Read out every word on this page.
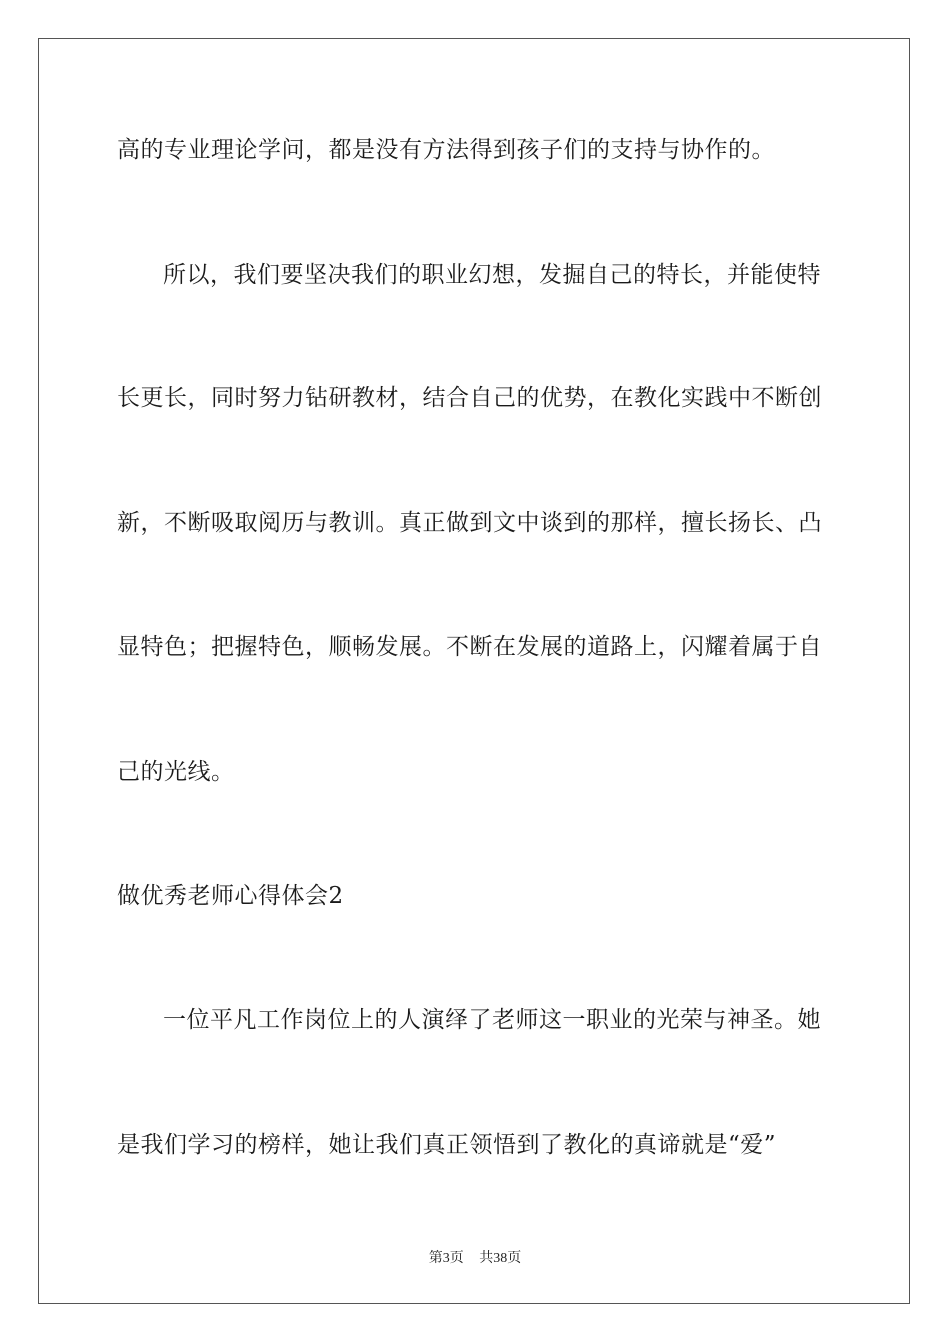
高的专业理论学问，都是没有方法得到孩子们的支持与协作的。
所以，我们要坚决我们的职业幻想，发掘自己的特长，并能使特
长更长，同时努力钻研教材，结合自己的优势，在教化实践中不断创
新，不断吸取阅历与教训。真正做到文中谈到的那样，擅长扬长、凸
显特色；把握特色，顺畅发展。不断在发展的道路上，闪耀着属于自
己的光线。
做优秀老师心得体会2
一位平凡工作岗位上的人演绎了老师这一职业的光荣与神圣。她
是我们学习的榜样，她让我们真正领悟到了教化的真谛就是“爱”
第3页 共38页
